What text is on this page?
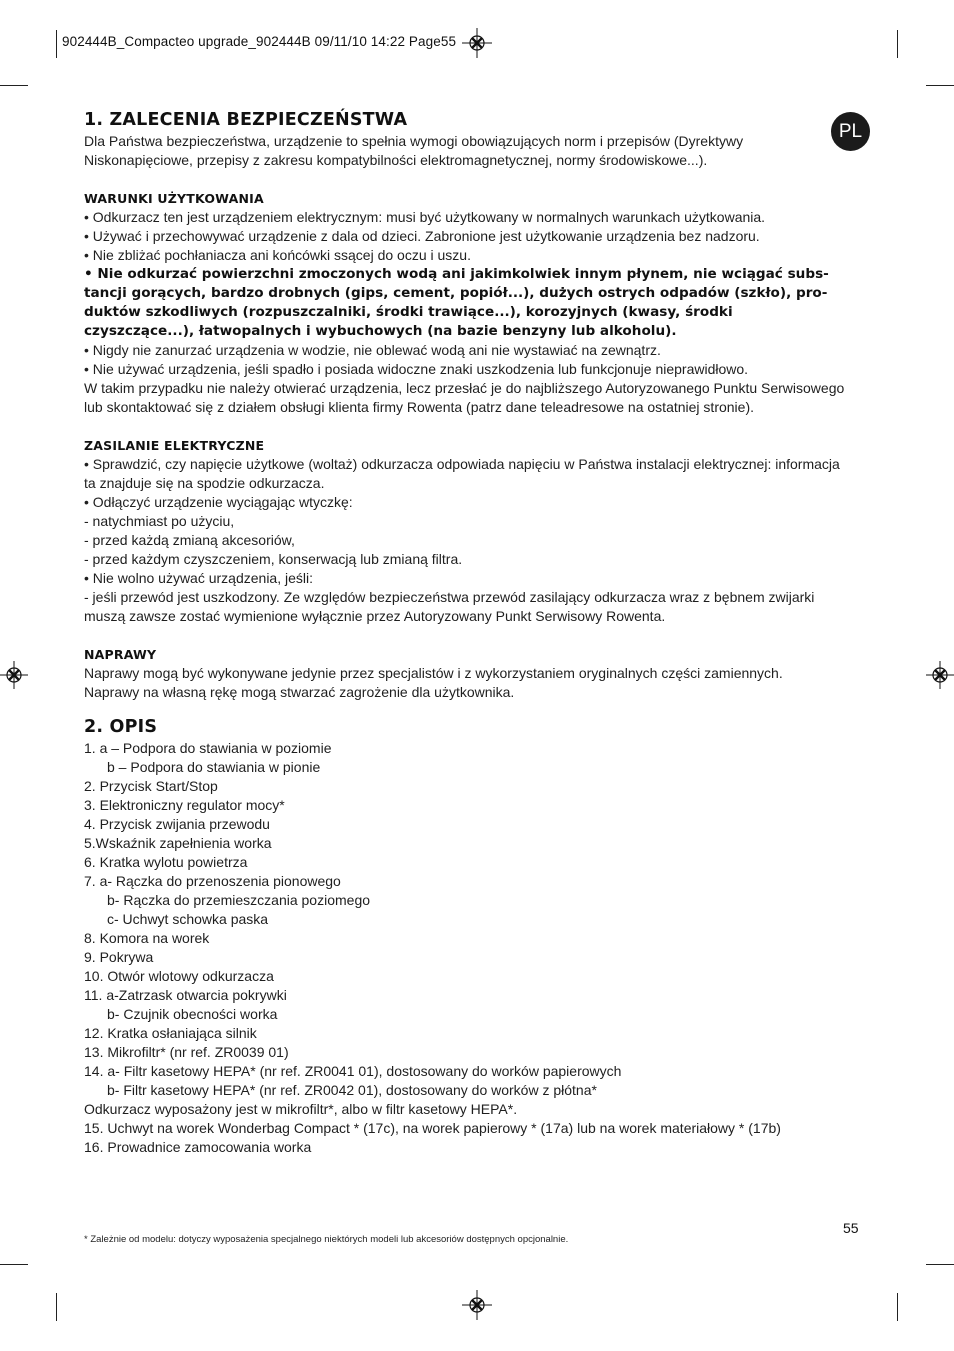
902444B_Compacteo upgrade_902444B 09/11/10 14:22 Page55
PL
1. ZALECENIA BEZPIECZEŃSTWA

Dla Państwa bezpieczeństwa, urządzenie to spełnia wymogi obowiązujących norm i przepisów (Dyrektywy

Niskonapięciowe, przepisy z zakresu kompatybilności elektromagnetycznej, normy środowiskowe...).

WARUNKI UŻYTKOWANIA

• Odkurzacz ten jest urządzeniem elektrycznym: musi być użytkowany w normalnych warunkach użytkowania.

• Używać i przechowywać urządzenie z dala od dzieci. Zabronione jest użytkowanie urządzenia bez nadzoru.

• Nie zbliżać pochłaniacza ani końcówki ssącej do oczu i uszu.

• Nie odkurzać powierzchni zmoczonych wodą ani jakimkolwiek innym płynem, nie wciągać subs-

tancji gorących, bardzo drobnych (gips, cement, popiół...), dużych ostrych odpadów (szkło), pro-

duktów szkodliwych (rozpuszczalniki, środki trawiące...), korozyjnych (kwasy, środki

czyszczące...), łatwopalnych i wybuchowych (na bazie benzyny lub alkoholu).

• Nigdy nie zanurzać urządzenia w wodzie, nie oblewać wodą ani nie wystawiać na zewnątrz.

• Nie używać urządzenia, jeśli spadło i posiada widoczne znaki uszkodzenia lub funkcjonuje nieprawidłowo.

W takim przypadku nie należy otwierać urządzenia, lecz przesłać je do najbliższego Autoryzowanego Punktu Serwisowego

lub skontaktować się z działem obsługi klienta firmy Rowenta (patrz dane teleadresowe na ostatniej stronie).

ZASILANIE ELEKTRYCZNE

• Sprawdzić, czy napięcie użytkowe (woltaż) odkurzacza odpowiada napięciu w Państwa instalacji elektrycznej: informacja

ta znajduje się na spodzie odkurzacza.

• Odłączyć urządzenie wyciągając wtyczkę:

- natychmiast po użyciu,

- przed każdą zmianą akcesoriów,

- przed każdym czyszczeniem, konserwacją lub zmianą filtra.

• Nie wolno używać urządzenia, jeśli:

- jeśli przewód jest uszkodzony. Ze względów bezpieczeństwa przewód zasilający odkurzacza wraz z bębnem zwijarki

muszą zawsze zostać wymienione wyłącznie przez Autoryzowany Punkt Serwisowy Rowenta.

NAPRAWY

Naprawy mogą być wykonywane jedynie przez specjalistów i z wykorzystaniem oryginalnych części zamiennych.

Naprawy na własną rękę mogą stwarzać zagrożenie dla użytkownika.

2. OPIS

1. a – Podpora do stawiania w poziomie

b – Podpora do stawiania w pionie

2. Przycisk Start/Stop

3. Elektroniczny regulator mocy*

4. Przycisk zwijania przewodu

5.Wskaźnik zapełnienia worka

6. Kratka wylotu powietrza

7. a- Rączka do przenoszenia pionowego

b- Rączka do przemieszczania poziomego

c- Uchwyt schowka paska

8. Komora na worek

9. Pokrywa

10. Otwór wlotowy odkurzacza

11. a-Zatrzask otwarcia pokrywki

b- Czujnik obecności worka

12. Kratka osłaniająca silnik

13. Mikrofiltr* (nr ref. ZR0039 01)

14. a- Filtr kasetowy HEPA* (nr ref. ZR0041 01), dostosowany do worków papierowych

b- Filtr kasetowy HEPA* (nr ref. ZR0042 01), dostosowany do worków z płótna*

Odkurzacz wyposażony jest w mikrofiltr*, albo w filtr kasetowy HEPA*.

15. Uchwyt na worek Wonderbag Compact * (17c), na worek papierowy * (17a) lub na worek materiałowy * (17b)

16. Prowadnice zamocowania worka

55
* Zależnie od modelu: dotyczy wyposażenia specjalnego niektórych modeli lub akcesoriów dostępnych opcjonalnie.
